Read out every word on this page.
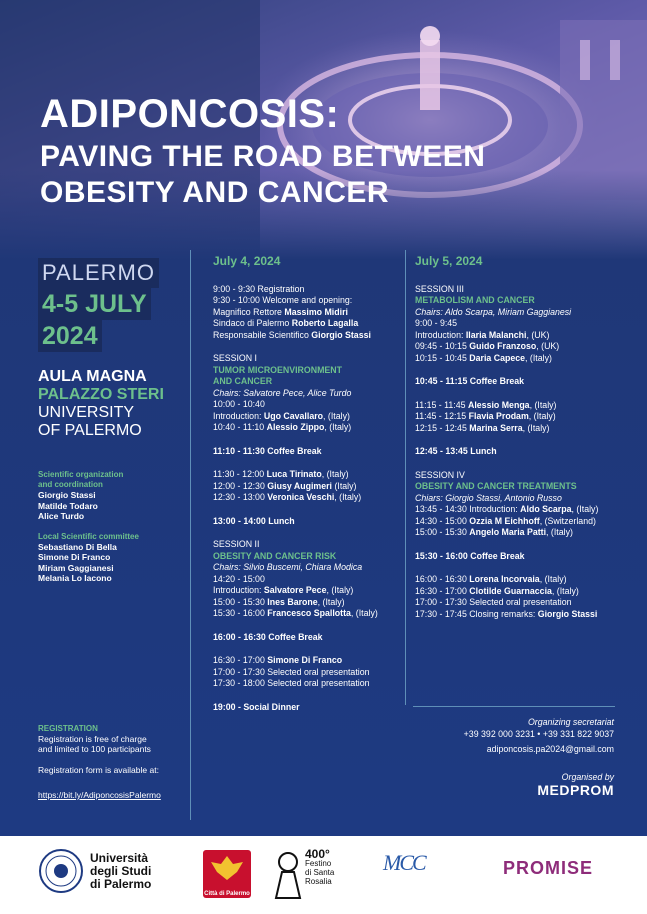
ADIPONCOSIS:
PAVING THE ROAD BETWEEN
OBESITY AND CANCER
PALERMO
4-5 JULY
2024
AULA MAGNA
PALAZZO STERI
UNIVERSITY
OF PALERMO
Scientific organization
and coordination
Giorgio Stassi
Matilde Todaro
Alice Turdo
Local Scientific committee
Sebastiano Di Bella
Simone Di Franco
Miriam Gaggianesi
Melania Lo Iacono
REGISTRATION
Registration is free of charge
and limited to 100 participants
Registration form is available at:
https://bit.ly/AdiponcosisPalermo
July 4, 2024
9:00 - 9:30 Registration
9:30 - 10:00 Welcome and opening:
Magnifico Rettore Massimo Midiri
Sindaco di Palermo Roberto Lagalla
Responsabile Scientifico Giorgio Stassi
SESSION I
TUMOR MICROENVIRONMENT
AND CANCER
Chairs: Salvatore Pece, Alice Turdo
10:00 - 10:40
Introduction: Ugo Cavallaro, (Italy)
10:40 - 11:10 Alessio Zippo, (Italy)
11:10 - 11:30 Coffee Break
11:30 - 12:00 Luca Tirinato, (Italy)
12:00 - 12:30 Giusy Augimeri (Italy)
12:30 - 13:00 Veronica Veschi, (Italy)
13:00 - 14:00 Lunch
SESSION II
OBESITY AND CANCER RISK
Chairs: Silvio Buscemi, Chiara Modica
14:20 - 15:00
Introduction: Salvatore Pece, (Italy)
15:00 - 15:30 Ines Barone, (Italy)
15:30 - 16:00 Francesco Spallotta, (Italy)
16:00 - 16:30 Coffee Break
16:30 - 17:00 Simone Di Franco
17:00 - 17:30 Selected oral presentation
17:30 - 18:00 Selected oral presentation
19:00 - Social Dinner
July 5, 2024
SESSION III
METABOLISM AND CANCER
Chairs: Aldo Scarpa, Miriam Gaggianesi
9:00 - 9:45
Introduction: Ilaria Malanchi, (UK)
09:45 - 10:15 Guido Franzoso, (UK)
10:15 - 10:45 Daria Capece, (Italy)
10:45 - 11:15 Coffee Break
11:15 - 11:45 Alessio Menga, (Italy)
11:45 - 12:15 Flavia Prodam, (Italy)
12:15 - 12:45 Marina Serra, (Italy)
12:45 - 13:45 Lunch
SESSION IV
OBESITY AND CANCER TREATMENTS
Chiars: Giorgio Stassi, Antonio Russo
13:45 - 14:30 Introduction: Aldo Scarpa, (Italy)
14:30 - 15:00 Ozzia M Eichhoff, (Switzerland)
15:00 - 15:30 Angelo Maria Patti, (Italy)
15:30 - 16:00 Coffee Break
16:00 - 16:30 Lorena Incorvaia, (Italy)
16:30 - 17:00 Clotilde Guarnaccia, (Italy)
17:00 - 17:30 Selected oral presentation
17:30 - 17:45 Closing remarks: Giorgio Stassi
Organizing secretariat
+39 392 000 3231 • +39 331 822 9037
adiponcosis.pa2024@gmail.com
Organised by
MEDPROM
Università
degli Studi
di Palermo
Città di Palermo
400°
Festino
di Santa
Rosalia
MCC	PROMISE
